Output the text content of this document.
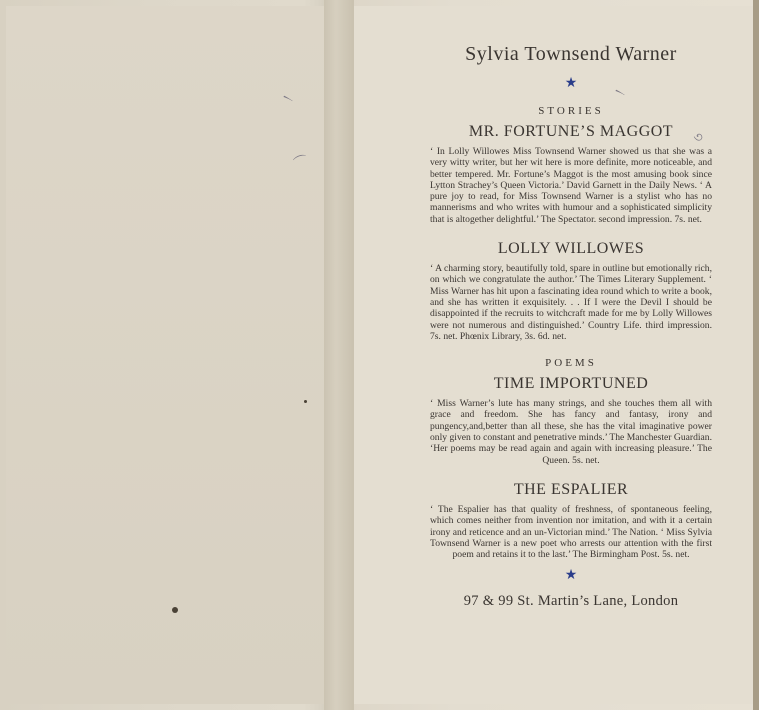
৲
⌒
৲
৩
Sylvia Townsend Warner
★
STORIES
MR. FORTUNE’S MAGGOT
‘ In Lolly Willowes Miss Townsend Warner showed us that she was a very witty writer, but her wit here is more definite, more noticeable, and better tempered. Mr. Fortune’s Maggot is the most amusing book since Lytton Strachey’s Queen Victoria.’ David Garnett in the Daily News. ‘ A pure joy to read, for Miss Townsend Warner is a stylist who has no mannerisms and who writes with humour and a sophisticated simplicity that is altogether delightful.’ The Spectator. second impression. 7s. net.
LOLLY WILLOWES
‘ A charming story, beautifully told, spare in outline but emotionally rich, on which we congratulate the author.’ The Times Literary Supplement. ‘ Miss Warner has hit upon a fascinating idea round which to write a book, and she has written it exquisitely. . . If I were the Devil I should be disappointed if the recruits to witchcraft made for me by Lolly Willowes were not numerous and distinguished.’ Country Life. third impression. 7s. net. Phœnix Library, 3s. 6d. net.
POEMS
TIME IMPORTUNED
‘ Miss Warner’s lute has many strings, and she touches them all with grace and freedom. She has fancy and fantasy, irony and pungency,and,better than all these, she has the vital imaginative power only given to constant and penetrative minds.’ The Manchester Guardian. ‘Her poems may be read again and again with increasing pleasure.’ The Queen. 5s. net.
THE ESPALIER
‘ The Espalier has that quality of freshness, of spontaneous feeling, which comes neither from invention nor imitation, and with it a certain irony and reticence and an un-Victorian mind.’ The Nation. ‘ Miss Sylvia Townsend Warner is a new poet who arrests our attention with the first poem and retains it to the last.’ The Birmingham Post. 5s. net.
★
97 & 99 St. Martin’s Lane, London
